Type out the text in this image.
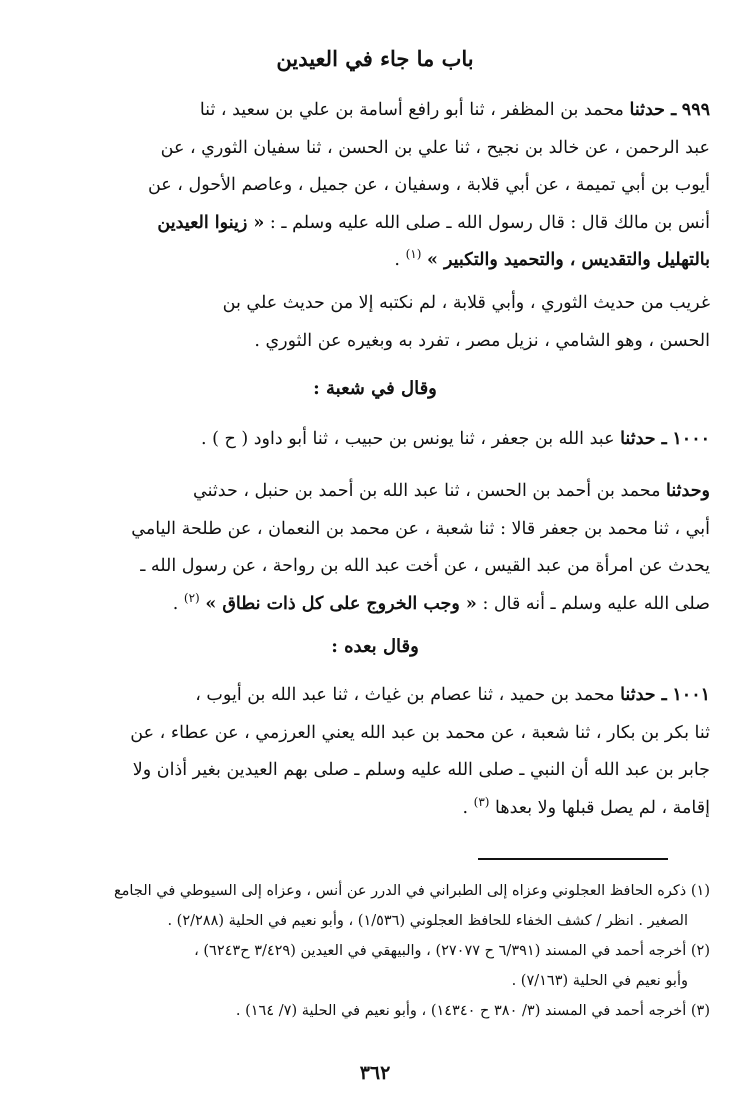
باب ما جاء في العيدين
٩٩٩ ـ حدثنا محمد بن المظفر ، ثنا أبو رافع أسامة بن علي بن سعيد ، ثنا
عبد الرحمن ، عن خالد بن نجيح ، ثنا علي بن الحسن ، ثنا سفيان الثوري ، عن
أيوب بن أبي تميمة ، عن أبي قلابة ، وسفيان ، عن جميل ، وعاصم الأحول ، عن
أنس بن مالك قال : قال رسول الله ـ صلى الله عليه وسلم ـ : « زينوا العيدين
بالتهليل والتقديس ، والتحميد والتكبير » $^{(١)}$ .
غريب من حديث الثوري ، وأبي قلابة ، لم نكتبه إلا من حديث علي بن
الحسن ، وهو الشامي ، نزيل مصر ، تفرد به وبغيره عن الثوري .
وقال في شعبة :
١٠٠٠ ـ حدثنا عبد الله بن جعفر ، ثنا يونس بن حبيب ، ثنا أبو داود ( ح ) .
وحدثنا محمد بن أحمد بن الحسن ، ثنا عبد الله بن أحمد بن حنبل ، حدثني
أبي ، ثنا محمد بن جعفر قالا : ثنا شعبة ، عن محمد بن النعمان ، عن طلحة اليامي
يحدث عن امرأة من عبد القيس ، عن أخت عبد الله بن رواحة ، عن رسول الله ـ
صلى الله عليه وسلم ـ أنه قال : « وجب الخروج على كل ذات نطاق » $^{(٢)}$ .
وقال بعده :
١٠٠١ ـ حدثنا محمد بن حميد ، ثنا عصام بن غياث ، ثنا عبد الله بن أيوب ،
ثنا بكر بن بكار ، ثنا شعبة ، عن محمد بن عبد الله يعني العرزمي ، عن عطاء ، عن
جابر بن عبد الله أن النبي ـ صلى الله عليه وسلم ـ صلى بهم العيدين بغير أذان ولا
إقامة ، لم يصل قبلها ولا بعدها $^{(٣)}$ .
(١) ذكره الحافظ العجلوني وعزاه إلى الطبراني في الدرر عن أنس ، وعزاه إلى السيوطي في الجامع
الصغير . انظر / كشف الخفاء للحافظ العجلوني (١/٥٣٦) ، وأبو نعيم في الحلية (٢/٢٨٨) .
(٢) أخرجه أحمد في المسند (٦/٣٩١ ح ٢٧٠٧٧) ، والبيهقي في العيدين (٣/٤٢٩ ح٦٢٤٣) ،
وأبو نعيم في الحلية (٧/١٦٣) .
(٣) أخرجه أحمد في المسند (٣/ ٣٨٠ ح ١٤٣٤٠) ، وأبو نعيم في الحلية (٧/ ١٦٤) .
٣٦٢
